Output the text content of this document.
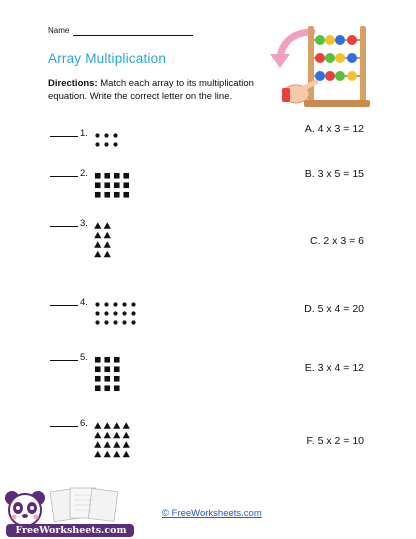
Name
Array Multiplication
Directions: Match each array to its multiplication equation. Write the correct letter on the line.
1.
2.
3.
4.
5.
6.
A. 4 x 3 = 12
B. 3 x 5 = 15
C. 2 x 3 = 6
D. 5 x 4 = 20
E. 3 x 4 = 12
F. 5 x 2 = 10
FreeWorksheets.com
© FreeWorksheets.com
